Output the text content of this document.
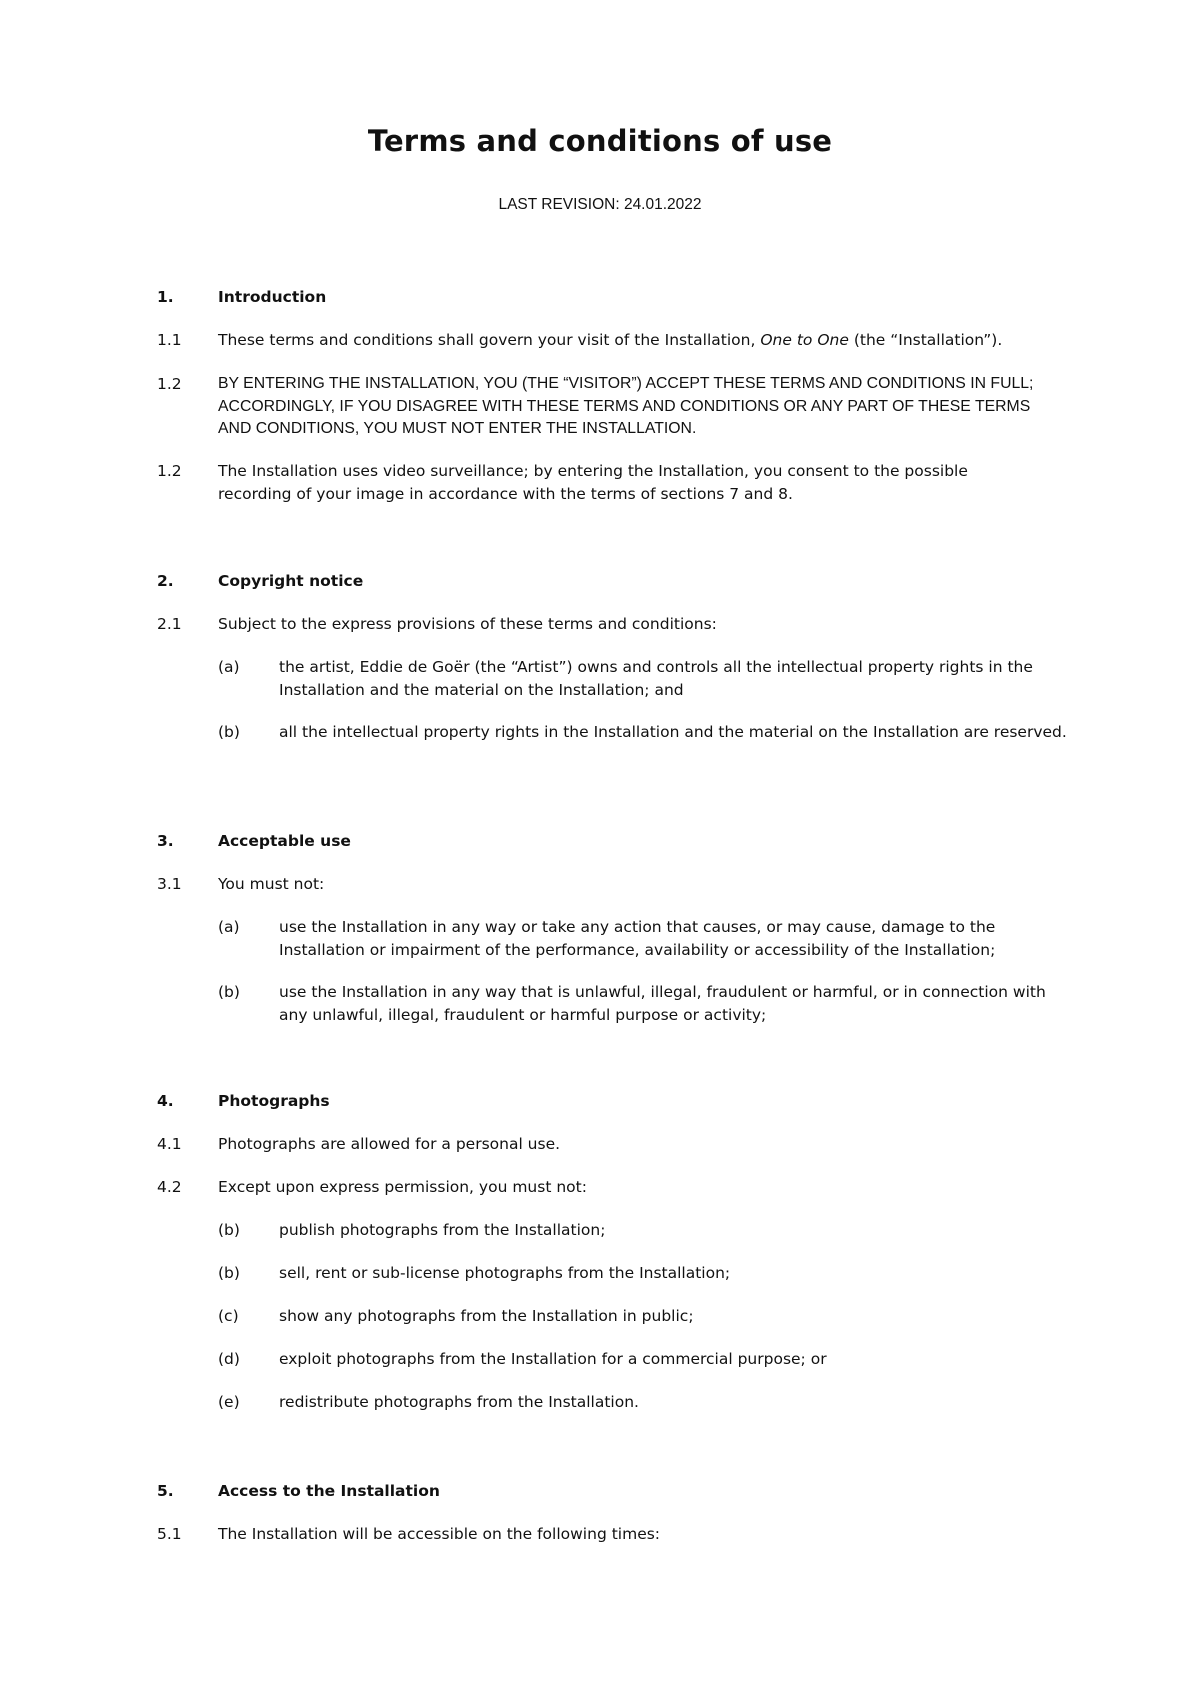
Terms and conditions of use
LAST REVISION: 24.01.2022
1.	Introduction
1.1 These terms and conditions shall govern your visit of the Installation, One to One (the “Installation”).
1.2 BY ENTERING THE INSTALLATION, YOU (THE “VISITOR”) ACCEPT THESE TERMS AND CONDITIONS IN FULL; ACCORDINGLY, IF YOU DISAGREE WITH THESE TERMS AND CONDITIONS OR ANY PART OF THESE TERMS AND CONDITIONS, YOU MUST NOT ENTER THE INSTALLATION.
1.2 The Installation uses video surveillance; by entering the Installation, you consent to the possible recording of your image in accordance with the terms of sections 7 and 8.
2.	Copyright notice
2.1 Subject to the express provisions of these terms and conditions:
(a)	the artist, Eddie de Goër (the “Artist”) owns and controls all the intellectual property rights in the Installation and the material on the Installation; and
(b)	all the intellectual property rights in the Installation and the material on the Installation are reserved.
3.	Acceptable use
3.1 You must not:
(a)	use the Installation in any way or take any action that causes, or may cause, damage to the Installation or impairment of the performance, availability or accessibility of the Installation;
(b)	use the Installation in any way that is unlawful, illegal, fraudulent or harmful, or in connection with any unlawful, illegal, fraudulent or harmful purpose or activity;
4.	Photographs
4.1 Photographs are allowed for a personal use.
4.2 Except upon express permission, you must not:
(b)	publish photographs from the Installation;
(b)	sell, rent or sub-license photographs from the Installation;
(c)	show any photographs from the Installation in public;
(d)	exploit photographs from the Installation for a commercial purpose; or
(e)	redistribute photographs from the Installation.
5.	Access to the Installation
5.1 The Installation will be accessible on the following times:
